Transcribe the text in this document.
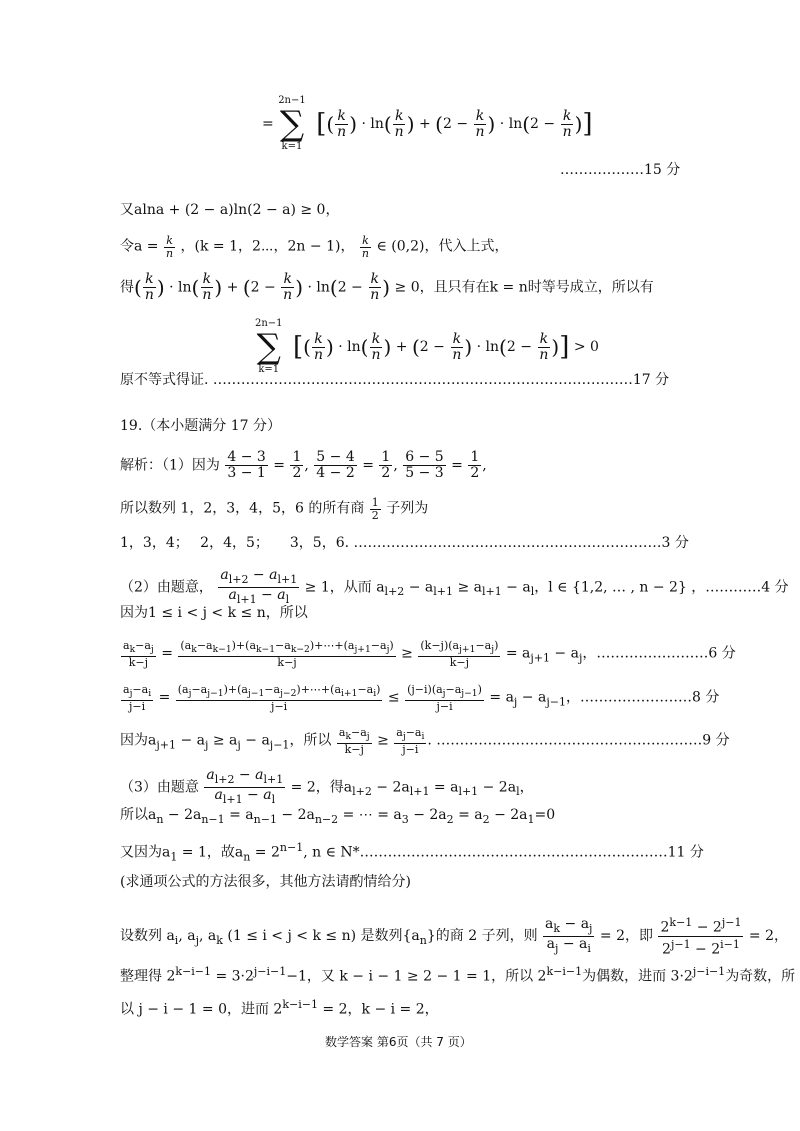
=
2n−1
∑
k=1
[( $\frac{k}{n}$ ) · $\ln( \frac{k}{n}$ ) + ($2 - \frac{k}{n}$ ) · $\ln(2 - \frac{k}{n}$ )]
………………15 分
又alna + (2 − a)ln(2 − a) ≥ 0，
令$a = \frac{k}{n}$ ，(k = 1，2⋯，2n − 1)， $\frac{k}{n}$ ∈ (0,2)，代入上式，
得( $\frac{k}{n}$ ) · $\ln( \frac{k}{n}$ ) + ($2 - \frac{k}{n}$ ) · $\ln(2 - \frac{k}{n}$ ) ≥ 0，且只有在k = n时等号成立，所以有
2n−1
∑
k=1
[( $\frac{k}{n}$ ) · $\ln( \frac{k}{n}$ ) + ($2 - \frac{k}{n}$ ) · $\ln(2 - \frac{k}{n}$ )] > 0
原不等式得证. ………………………………………………………………………………17 分
19.（本小题满分 17 分）
解析：（1）因为 $\frac{4 - 3}{3 - 1} = \frac{1}{2}$ , $\frac{5 - 4}{4 - 2} = \frac{1}{2}$ , $\frac{6 - 5}{5 - 3} = \frac{1}{2}$ ,
所以数列 1，2，3，4，5，6 的所有商 $\frac{1}{2}$ 子列为
1，3，4；　 2，4，5；　　3，5，6. …………………………………………………………3 分
（2）由题意， $\frac{a_{l+2} - a_{l+1}}{a_{l+1} - a_l} \ge 1$，从而 $a_{l+2} - a_{l+1} \ge a_{l+1} - a_l$，l ∈ {1,2, … , n − 2} ，…………4 分
因为1 ≤ i < j < k ≤ n，所以
$\frac{a_k-a_j}{k-j} = \frac{(a_k-a_{k-1})+(a_{k-1}-a_{k-2})+\cdots+(a_{j+1}-a_j)}{k-j} \ge \frac{(k-j)(a_{j+1}-a_j)}{k-j} = a_{j+1} - a_j$，……………………6 分
$\frac{a_j-a_i}{j-i} = \frac{(a_j-a_{j-1})+(a_{j-1}-a_{j-2})+\cdots+(a_{i+1}-a_i)}{j-i} \le \frac{(j-i)(a_j-a_{j-1})}{j-i} = a_j - a_{j-1}$，……………………8 分
因为$a_{j+1} - a_j \ge a_j - a_{j-1}$，所以 $\frac{a_k-a_j}{k-j} \ge \frac{a_j-a_i}{j-i}$ . …………………………………………………9 分
（3）由题意 $\frac{a_{l+2} - a_{l+1}}{a_{l+1} - a_l} = 2$，得$a_{l+2} - 2a_{l+1} = a_{l+1} - 2a_l$，
所以$a_n - 2a_{n-1} = a_{n-1} - 2a_{n-2}$ = ⋯ = $a_3 - 2a_2 = a_2 - 2a_1=0$
又因为$a_1 = 1$，故$a_n = 2^{n-1}$, n ∈ N*…………………………………………………………11 分
(求通项公式的方法很多，其他方法请酌情给分)
设数列 $a_i$, $a_j$, $a_k$ (1 ≤ i < j < k ≤ n) 是数列$\{a_n\}$的商 2 子列，则 $\frac{a_k - a_j}{a_j - a_i} = 2$，即 $\frac{2^{k-1} - 2^{j-1}}{2^{j-1} - 2^{i-1}} = 2$，
整理得 $2^{k-i-1} = 3\cdot 2^{j-i-1}-1$，又 k − i − 1 ≥ 2 − 1 = 1，所以 $2^{k-i-1}$为偶数，进而 $3\cdot 2^{j-i-1}$为奇数，所
以 j − i − 1 = 0，进而 $2^{k-i-1} = 2$，k − i = 2，
数学答案 第6页（共 7 页）
